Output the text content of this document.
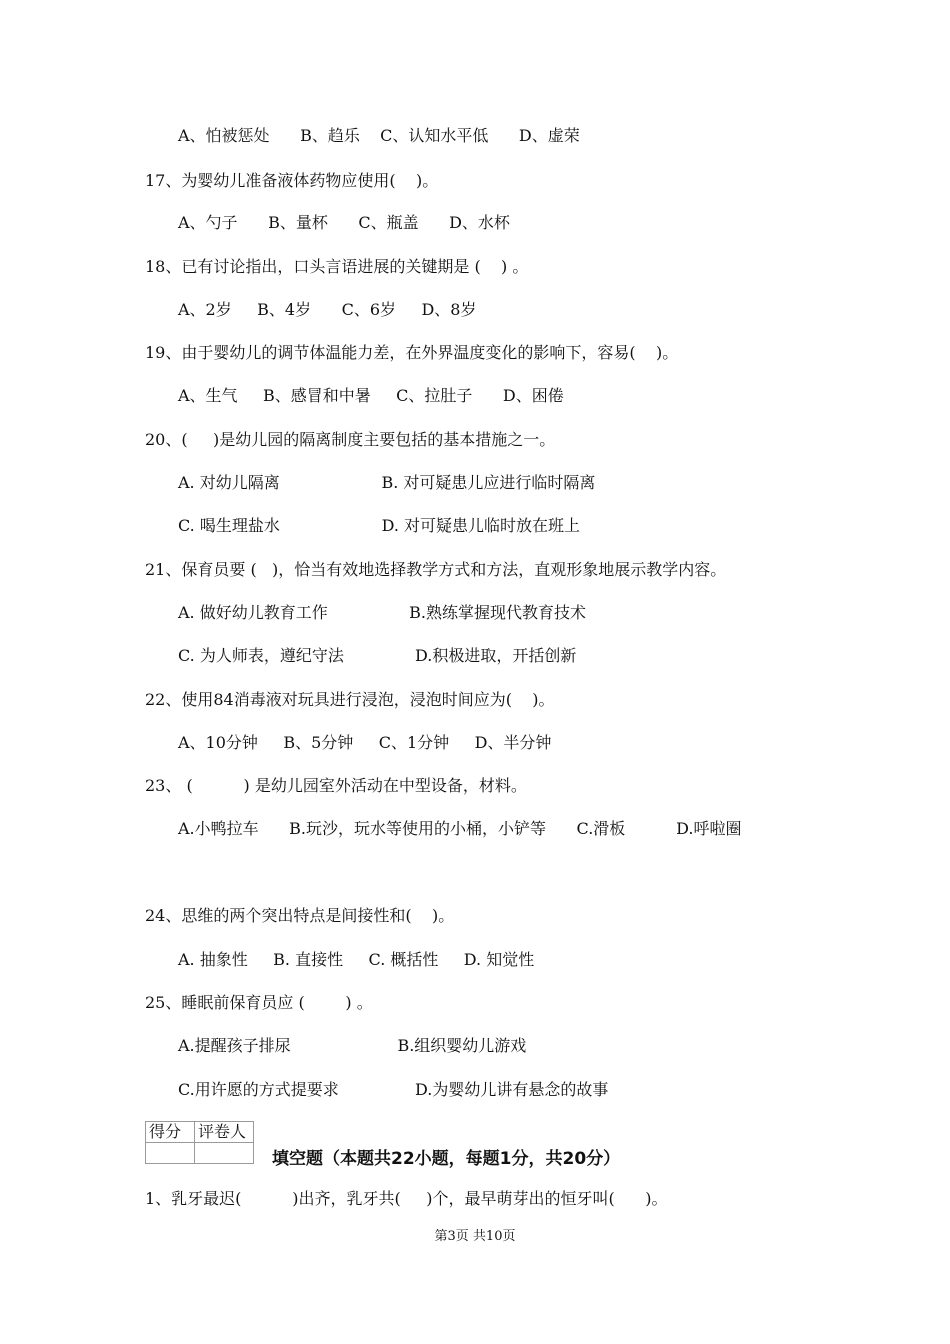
A、怕被惩处      B、趋乐    C、认知水平低      D、虚荣
17、为婴幼儿准备液体药物应使用(    )。
A、勺子      B、量杯      C、瓶盖      D、水杯
18、已有讨论指出，口头言语进展的关键期是 (    ) 。
A、2岁     B、4岁      C、6岁     D、8岁
19、由于婴幼儿的调节体温能力差，在外界温度变化的影响下，容易(    )。
A、生气     B、感冒和中暑     C、拉肚子      D、困倦
20、(     )是幼儿园的隔离制度主要包括的基本措施之一。
A. 对幼儿隔离                    B. 对可疑患儿应进行临时隔离
C. 喝生理盐水                    D. 对可疑患儿临时放在班上
21、保育员要 (   )，恰当有效地选择教学方式和方法，直观形象地展示教学内容。
A. 做好幼儿教育工作                B.熟练掌握现代教育技术
C. 为人师表，遵纪守法              D.积极进取，开括创新
22、使用84消毒液对玩具进行浸泡，浸泡时间应为(    )。
A、10分钟     B、5分钟     C、1分钟     D、半分钟
23、 (          ) 是幼儿园室外活动在中型设备，材料。
A.小鸭拉车      B.玩沙，玩水等使用的小桶，小铲等      C.滑板          D.呼啦圈
24、思维的两个突出特点是间接性和(    )。
A. 抽象性     B. 直接性     C. 概括性     D. 知觉性
25、睡眠前保育员应 (        ) 。
A.提醒孩子排尿                     B.组织婴幼儿游戏
C.用许愿的方式提要求               D.为婴幼儿讲有悬念的故事
得分	评卷人

填空题（本题共22小题，每题1分，共20分）
1、乳牙最迟(          )出齐，乳牙共(     )个，最早萌芽出的恒牙叫(      )。
第3页 共10页
